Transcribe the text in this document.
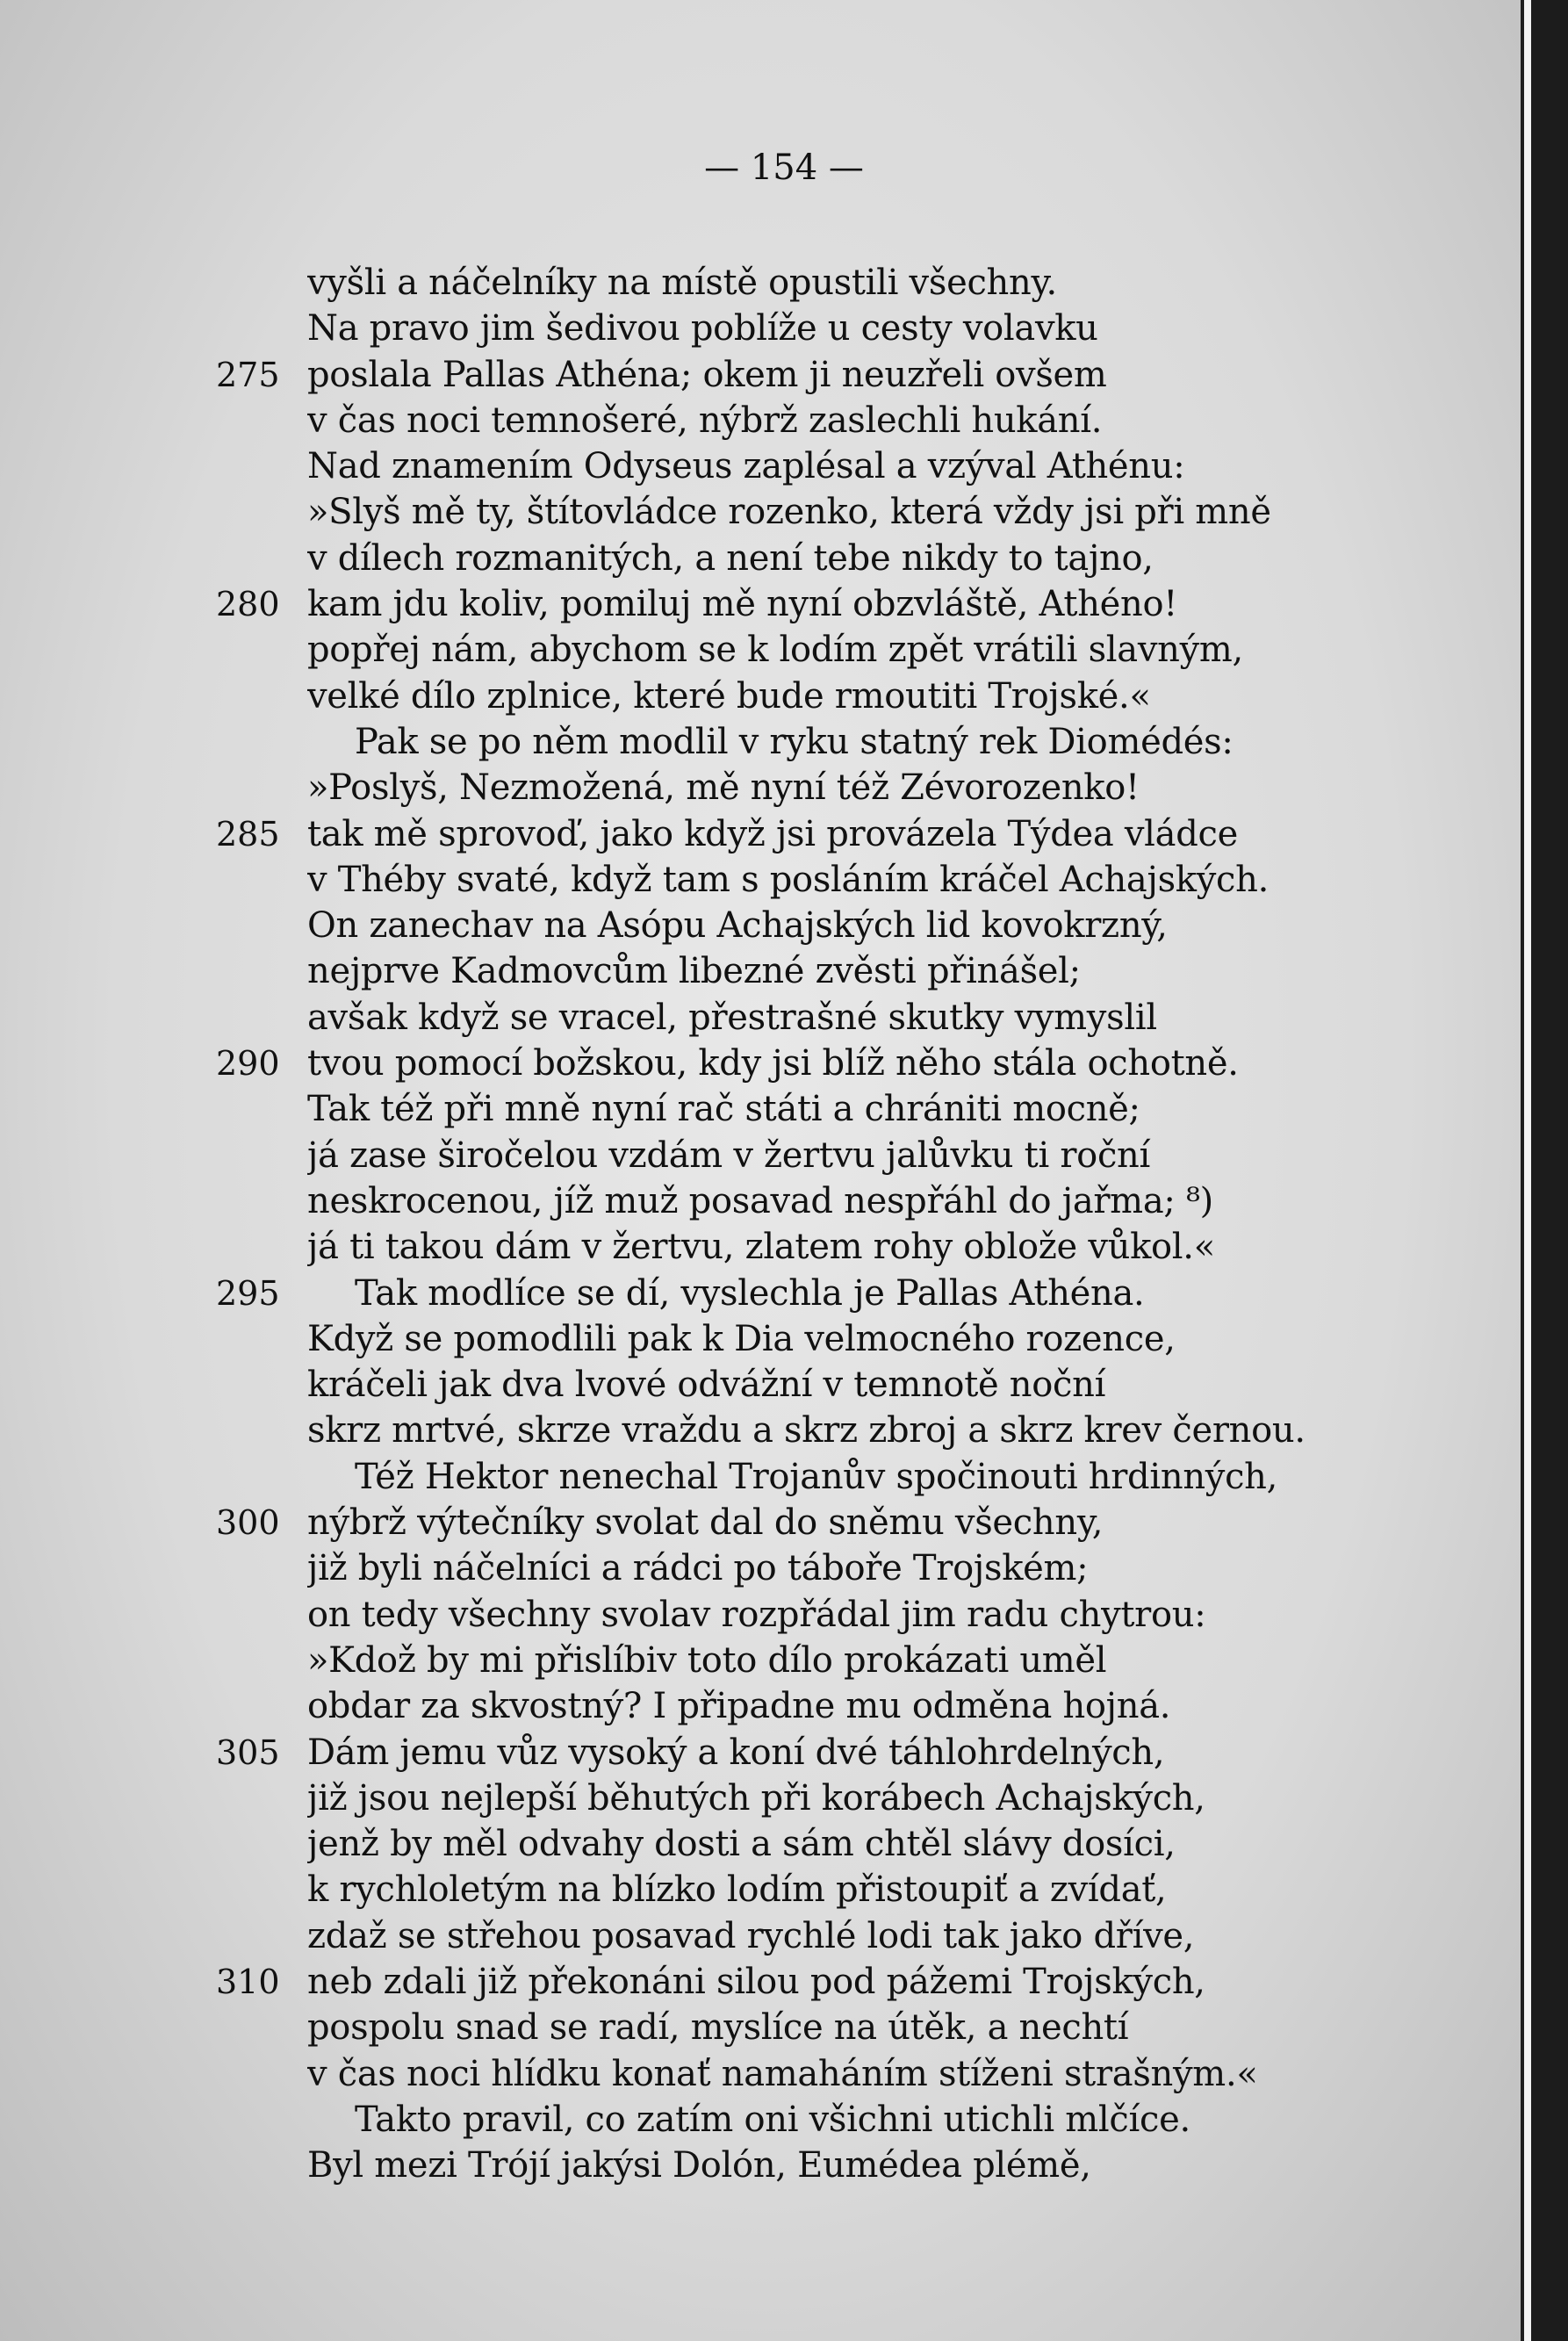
— 154 —
vyšli a náčelníky na místě opustili všechny.
Na pravo jim šedivou poblíže u cesty volavku
275 poslala Pallas Athéna; okem ji neuzřeli ovšem
v čas noci temnošeré, nýbrž zaslechli hukání.
Nad znamením Odyseus zaplésal a vzýval Athénu:
»Slyš mě ty, štítovládce rozenko, která vždy jsi při mně
v dílech rozmanitých, a není tebe nikdy to tajno,
280 kam jdu koliv, pomiluj mě nyní obzvláště, Athéno!
popřej nám, abychom se k lodím zpět vrátili slavným,
velké dílo zplnice, které bude rmoutiti Trojské.«
Pak se po něm modlil v ryku statný rek Diomédés:
»Poslyš, Nezmožená, mě nyní též Zévorozenko!
285 tak mě sprovoď, jako když jsi provázela Týdea vládce
v Théby svaté, když tam s posláním kráčel Achajských.
On zanechav na Asópu Achajských lid kovokrzný,
nejprve Kadmovcům libezné zvěsti přinášel;
avšak když se vracel, přestrašné skutky vymyslil
290 tvou pomocí božskou, kdy jsi blíž něho stála ochotně.
Tak též při mně nyní rač státi a chrániti mocně;
já zase širočelou vzdám v žertvu jalůvku ti roční
neskrocenou, jíž muž posavad nespřáhl do jařma; ⁸)
já ti takou dám v žertvu, zlatem rohy oblože vůkol.«
295 Tak modlíce se dí, vyslechla je Pallas Athéna.
Když se pomodlili pak k Dia velmocného rozence,
kráčeli jak dva lvové odvážní v temnotě noční
skrz mrtvé, skrze vraždu a skrz zbroj a skrz krev černou.
Též Hektor nenechal Trojanův spočinouti hrdinných,
300 nýbrž výtečníky svolat dal do sněmu všechny,
již byli náčelníci a rádci po táboře Trojském;
on tedy všechny svolav rozpřádal jim radu chytrou:
»Kdož by mi přislíbiv toto dílo prokázati uměl
obdar za skvostný? I připadne mu odměna hojná.
305 Dám jemu vůz vysoký a koní dvé táhlohrdelných,
již jsou nejlepší běhutých při korábech Achajských,
jenž by měl odvahy dosti a sám chtěl slávy dosíci,
k rychloletým na blízko lodím přistoupiť a zvídať,
zdaž se střehou posavad rychlé lodi tak jako dříve,
310 neb zdali již překonáni silou pod pážemi Trojských,
pospolu snad se radí, myslíce na útěk, a nechtí
v čas noci hlídku konať namaháním stíženi strašným.«
Takto pravil, co zatím oni všichni utichli mlčíce.
Byl mezi Trójí jakýsi Dolón, Eumédea plémě,
